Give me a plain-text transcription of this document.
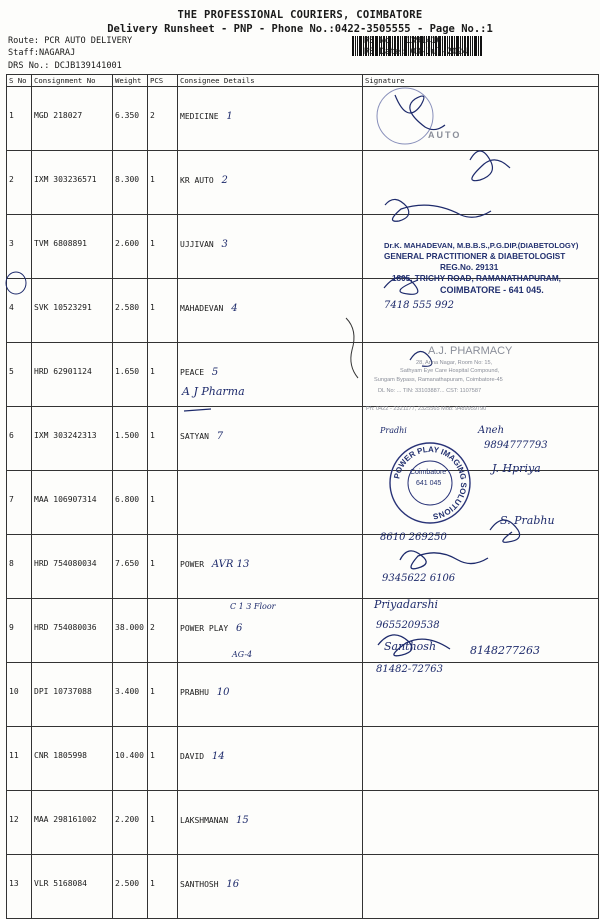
THE PROFESSIONAL COURIERS, COIMBATORE
Delivery Runsheet - PNP - Phone No.:0422-3505555 - Page No.:1
Route: PCR AUTO DELIVERY
Staff:NAGARAJ
DRS No.: DCJB139141001
RS No.: 1391410
RS Date: 03-Jul-2024
S No	Consignment No	Weight	PCS	Consignee Details	Signature
1	MGD 218027	6.350	2	MEDICINE 1	
2	IXM 303236571	8.300	1	KR AUTO 2	
3	TVM 6808891	2.600	1	UJJIVAN 3	
4	SVK 10523291	2.580	1	MAHADEVAN 4	
5	HRD 62901124	1.650	1	PEACE 5	
6	IXM 303242313	1.500	1	SATYAN 7	
7	MAA 106907314	6.800	1		
8	HRD 754080034	7.650	1	POWER AVR 13	
9	HRD 754080036	38.000	2	POWER PLAY 6	
10	DPI 10737088	3.400	1	PRABHU 10	
11	CNR 1805998	10.400	1	DAVID 14	
12	MAA 298161002	2.200	1	LAKSHMANAN 15	
13	VLR 5168084	2.500	1	SANTHOSH 16	
POWER PLAY IMAGING SOLUTIONS
AUTO
Dr.K. MAHADEVAN, M.B.B.S.,P.G.DIP.(DIABETOLOGY)
GENERAL PRACTITIONER & DIABETOLOGIST
REG.No. 29131
1805, TRICHY ROAD, RAMANATHAPURAM,
COIMBATORE - 641 045.
7418 555 992
A.J. PHARMACY
28, Anna Nagar, Room No: 15,
Sathyam Eye Care Hospital Compound,
Sungam Bypass, Ramanathapuram, Coimbatore-45
DL No: ... TIN: 33103887... CST: 1107587
Ph: 0422 - 2321177, 2325565 Mob: 9489959790
A J Pharma
Pradhi	Aneh
9894777793
Coimbatore
641 045
J. Hpriya
S. Prabhu
8610 269250
9345622 6106
C 1 3 Floor	Priyadarshi
9655209538
AG-4
Santhosh	8148277263
81482-72763
